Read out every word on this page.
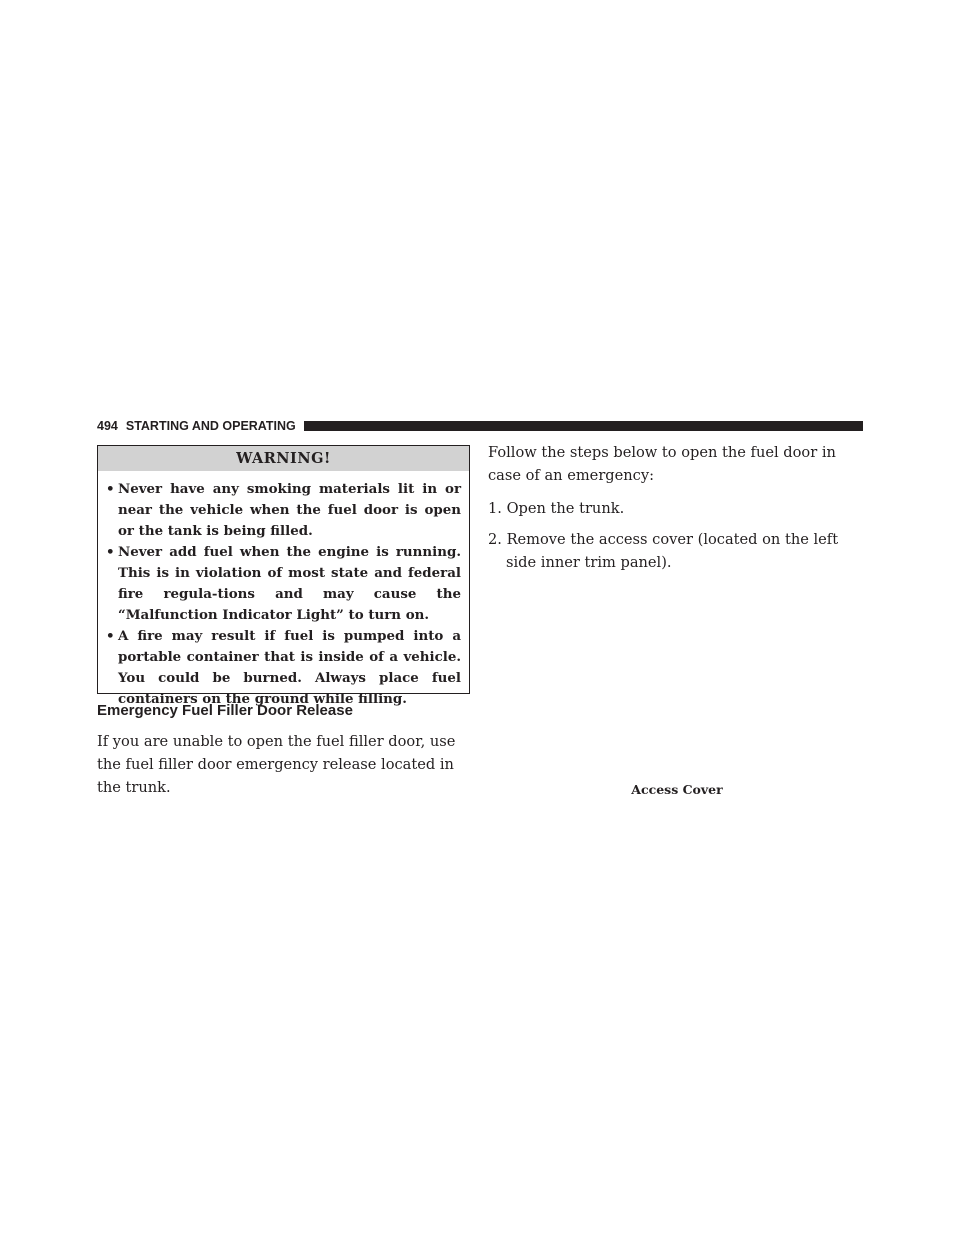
494 STARTING AND OPERATING
WARNING!
• Never have any smoking materials lit in or near the vehicle when the fuel door is open or the tank is being filled.
• Never add fuel when the engine is running. This is in violation of most state and federal fire regula-tions and may cause the “Malfunction Indicator Light” to turn on.
• A fire may result if fuel is pumped into a portable container that is inside of a vehicle. You could be burned. Always place fuel containers on the ground while filling.
Emergency Fuel Filler Door Release

If you are unable to open the fuel filler door, use the fuel filler door emergency release located in the trunk.

Follow the steps below to open the fuel door in case of an emergency:

1. Open the trunk.

2. Remove the access cover (located on the left side inner trim panel).

Access Cover
